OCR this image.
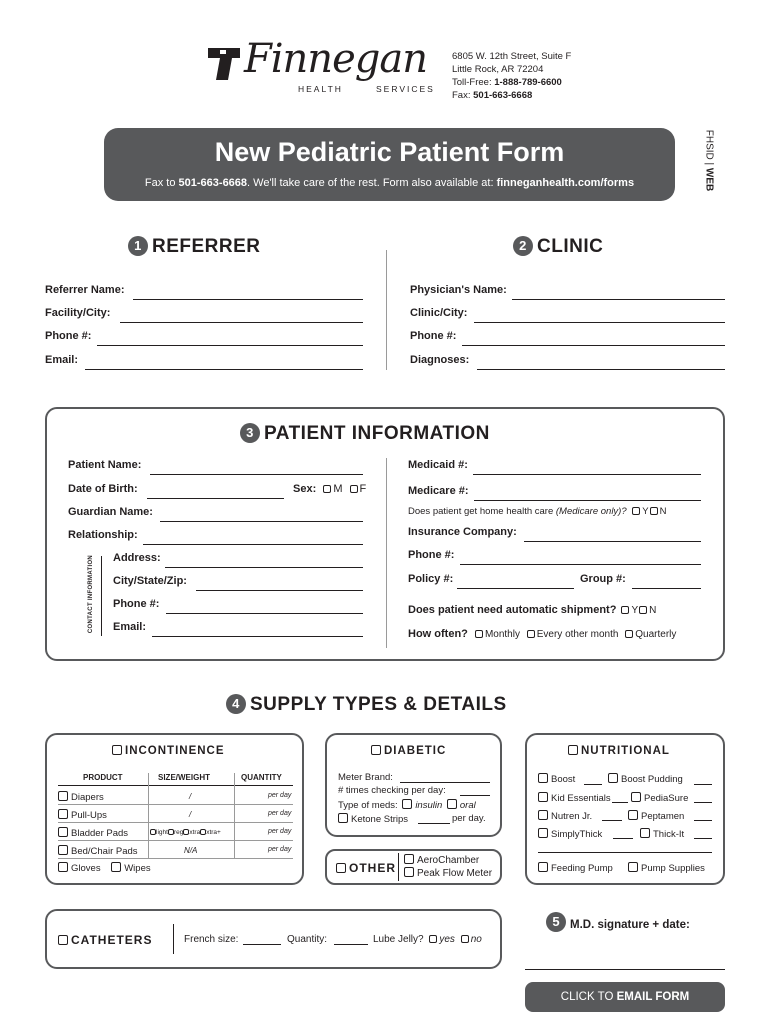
Finnegan
HEALTH	SERVICES
6805 W. 12th Street, Suite F
Little Rock, AR 72204
Toll-Free: 1-888-789-6600
Fax: 501-663-6668
FHSID | WEB
New Pediatric Patient Form
Fax to 501-663-6668. We'll take care of the rest. Form also available at: finneganhealth.com/forms
1 REFERRER
Referrer Name:
Facility/City:
Phone #:
Email:
2 CLINIC
Physician's Name:
Clinic/City:
Phone #:
Diagnoses:
3 PATIENT INFORMATION
Patient Name:
Date of Birth:	Sex: M F
Guardian Name:
Relationship:
CONTACT INFORMATION Address:
City/State/Zip:
Phone #:
Email:
Medicaid #:
Medicare #:
Does patient get home health care (Medicare only)? Y N
Insurance Company:
Phone #:
Policy #:	Group #:
Does patient need automatic shipment? Y N
How often? Monthly Every other month Quarterly
4 SUPPLY TYPES & DETAILS
INCONTINENCE
PRODUCT	SIZE/WEIGHT	QUANTITY
Diapers	/	per day
Pull-Ups	/	per day
Bladder Pads	light reg xtra xtra+	per day
Bed/Chair Pads	N/A	per day
Gloves Wipes
DIABETIC
Meter Brand:
# times checking per day:
Type of meds: insulin oral
Ketone Strips	per day.
OTHER
AeroChamber
Peak Flow Meter
NUTRITIONAL
Boost	Boost Pudding
Kid Essentials	PediaSure
Nutren Jr.	Peptamen
SimplyThick	Thick-It
Feeding Pump	Pump Supplies
CATHETERS	French size:	Quantity:	Lube Jelly? yes no
5 M.D. signature + date:
CLICK TO EMAIL FORM
